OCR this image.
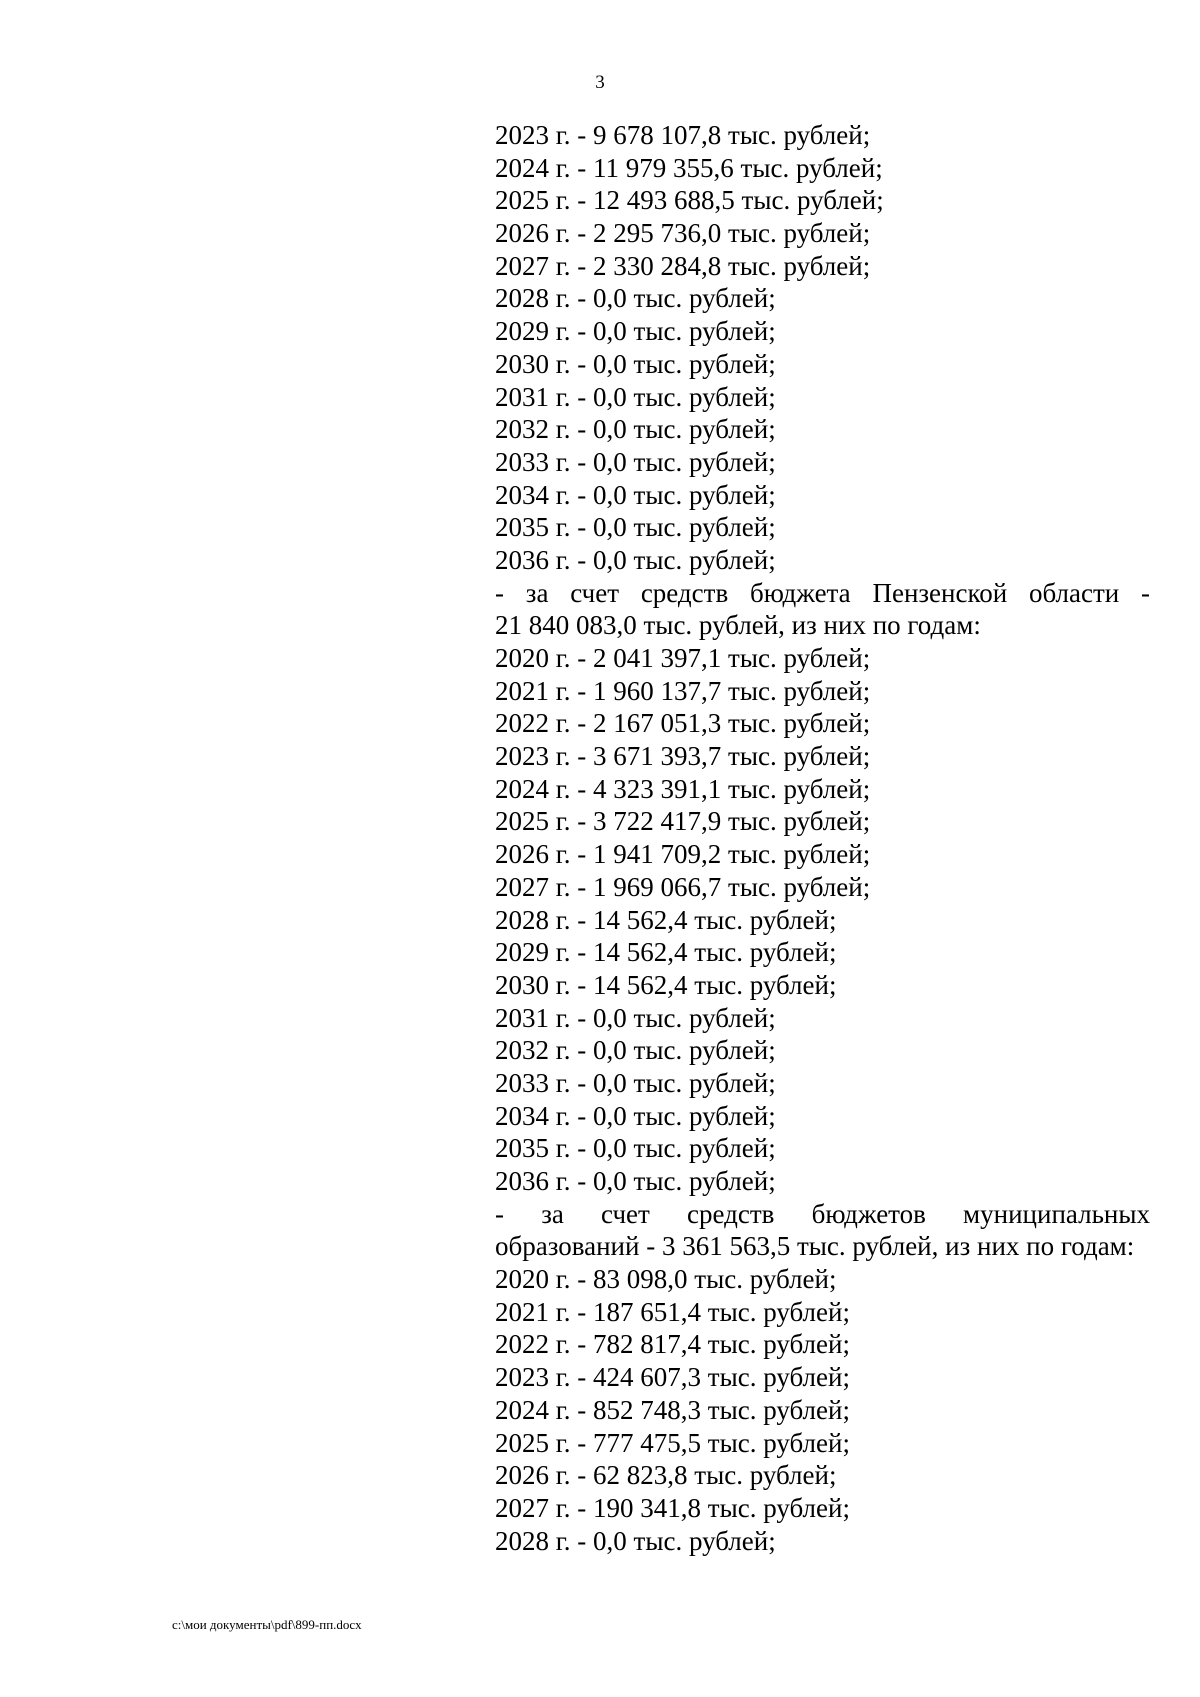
3
2023 г. - 9 678 107,8 тыс. рублей;
2024 г. - 11 979 355,6 тыс. рублей;
2025 г. - 12 493 688,5 тыс. рублей;
2026 г. - 2 295 736,0 тыс. рублей;
2027 г. - 2 330 284,8 тыс. рублей;
2028 г. - 0,0 тыс. рублей;
2029 г. - 0,0 тыс. рублей;
2030 г. - 0,0 тыс. рублей;
2031 г. - 0,0 тыс. рублей;
2032 г. - 0,0 тыс. рублей;
2033 г. - 0,0 тыс. рублей;
2034 г. - 0,0 тыс. рублей;
2035 г. - 0,0 тыс. рублей;
2036 г. - 0,0 тыс. рублей;
- за счет средств бюджета Пензенской области -
21 840 083,0 тыс. рублей, из них по годам:
2020 г. - 2 041 397,1 тыс. рублей;
2021 г. - 1 960 137,7 тыс. рублей;
2022 г. - 2 167 051,3 тыс. рублей;
2023 г. - 3 671 393,7 тыс. рублей;
2024 г. - 4 323 391,1 тыс. рублей;
2025 г. - 3 722 417,9 тыс. рублей;
2026 г. - 1 941 709,2 тыс. рублей;
2027 г. - 1 969 066,7 тыс. рублей;
2028 г. - 14 562,4 тыс. рублей;
2029 г. - 14 562,4 тыс. рублей;
2030 г. - 14 562,4 тыс. рублей;
2031 г. - 0,0 тыс. рублей;
2032 г. - 0,0 тыс. рублей;
2033 г. - 0,0 тыс. рублей;
2034 г. - 0,0 тыс. рублей;
2035 г. - 0,0 тыс. рублей;
2036 г. - 0,0 тыс. рублей;
- за счет средств бюджетов муниципальных
образований - 3 361 563,5 тыс. рублей, из них по годам:
2020 г. - 83 098,0 тыс. рублей;
2021 г. - 187 651,4 тыс. рублей;
2022 г. - 782 817,4 тыс. рублей;
2023 г. - 424 607,3 тыс. рублей;
2024 г. - 852 748,3 тыс. рублей;
2025 г. - 777 475,5 тыс. рублей;
2026 г. - 62 823,8 тыс. рублей;
2027 г. - 190 341,8 тыс. рублей;
2028 г. - 0,0 тыс. рублей;
c:\мои документы\pdf\899-пп.docx
